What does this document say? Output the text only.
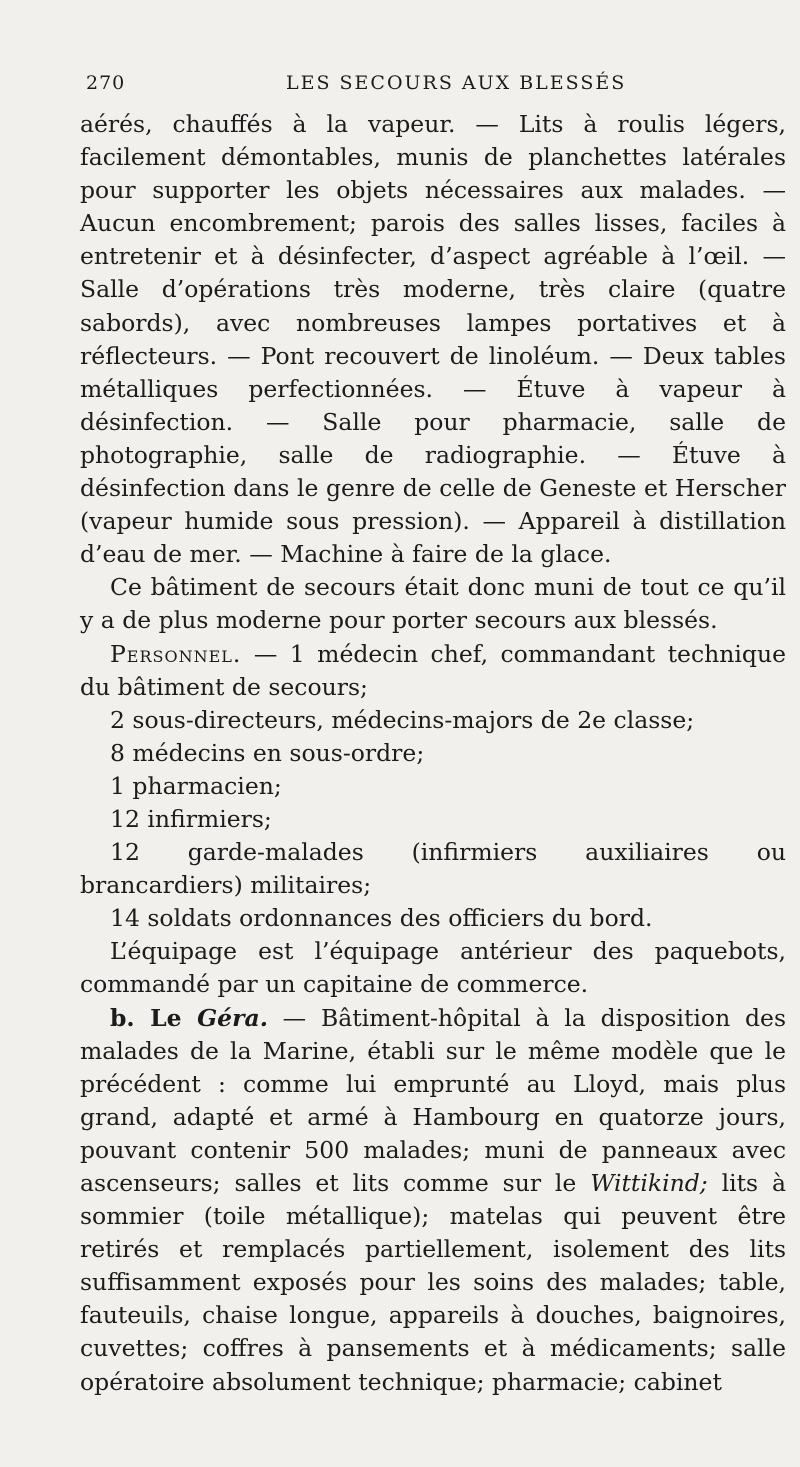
270	LES SECOURS AUX BLESSÉS

aérés, chauffés à la vapeur. — Lits à roulis légers, facilement démontables, munis de planchettes latérales pour supporter les objets nécessaires aux malades. — Aucun encombrement; parois des salles lisses, faciles à entretenir et à désinfecter, d’aspect agréable à l’œil. — Salle d’opérations très moderne, très claire (quatre sabords), avec nombreuses lampes portatives et à réflecteurs. — Pont recouvert de linoléum. — Deux tables métalliques perfectionnées. — Étuve à vapeur à désinfection. — Salle pour pharmacie, salle de photographie, salle de radiographie. — Étuve à désinfection dans le genre de celle de Geneste et Herscher (vapeur humide sous pression). — Appareil à distillation d’eau de mer. — Machine à faire de la glace.

Ce bâtiment de secours était donc muni de tout ce qu’il y a de plus moderne pour porter secours aux blessés.

Personnel. — 1 médecin chef, commandant technique du bâtiment de secours;

2 sous-directeurs, médecins-majors de 2e classe;

8 médecins en sous-ordre;

1 pharmacien;

12 infirmiers;

12 garde-malades (infirmiers auxiliaires ou brancardiers) militaires;

14 soldats ordonnances des officiers du bord.

L’équipage est l’équipage antérieur des paquebots, commandé par un capitaine de commerce.

b. Le Géra. — Bâtiment-hôpital à la disposition des malades de la Marine, établi sur le même modèle que le précédent : comme lui emprunté au Lloyd, mais plus grand, adapté et armé à Hambourg en quatorze jours, pouvant contenir 500 malades; muni de panneaux avec ascenseurs; salles et lits comme sur le Wittikind; lits à sommier (toile métallique); matelas qui peuvent être retirés et remplacés partiellement, isolement des lits suffisamment exposés pour les soins des malades; table, fauteuils, chaise longue, appareils à douches, baignoires, cuvettes; coffres à pansements et à médicaments; salle opératoire absolument technique; pharmacie; cabinet
